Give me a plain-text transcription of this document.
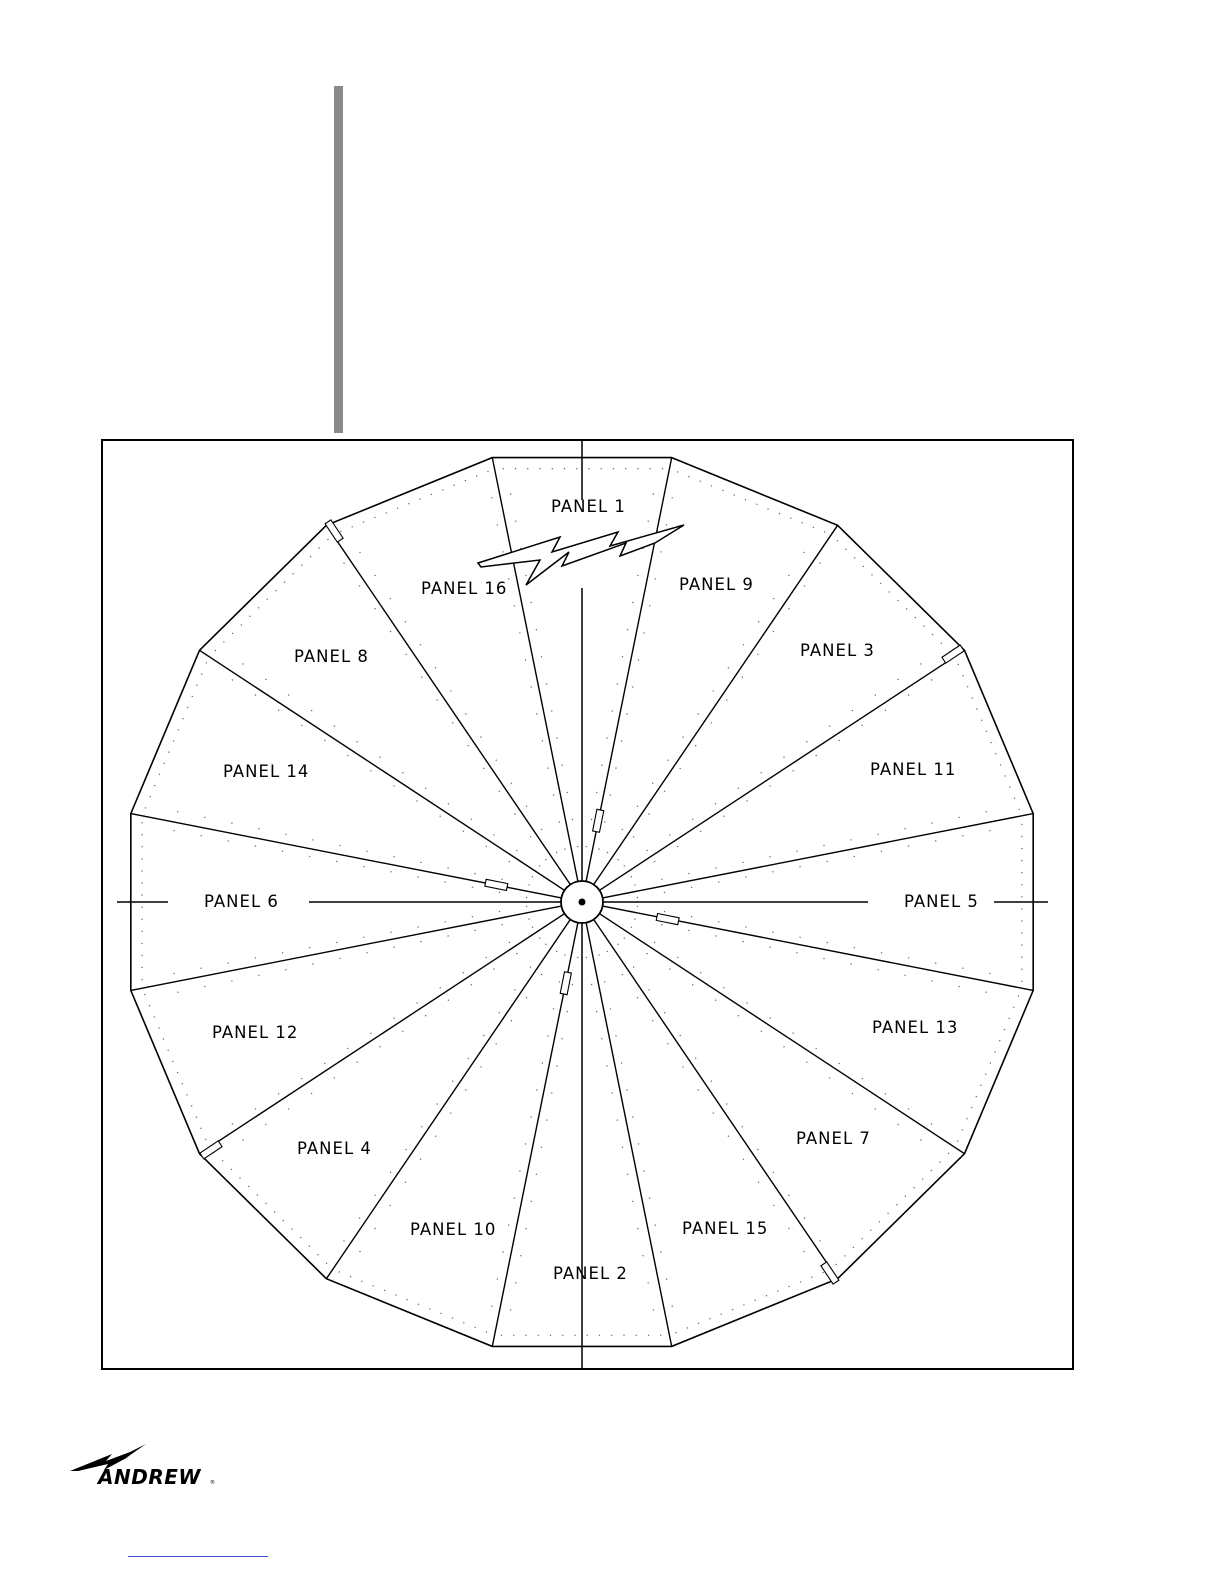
PANEL 1
PANEL 9
PANEL 3
PANEL 11
PANEL 5
PANEL 13
PANEL 7
PANEL 15
PANEL 2
PANEL 10
PANEL 4
PANEL 12
PANEL 6
PANEL 14
PANEL 8
PANEL 16
ANDREW ®
